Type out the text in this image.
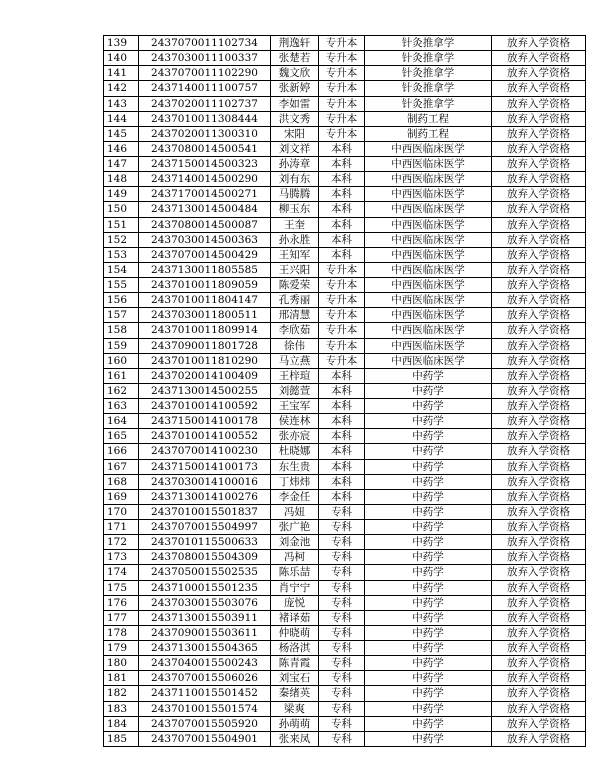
139	2437070011102734	荆逸轩	专升本	针灸推拿学	放弃入学资格
140	2437030011100337	张楚若	专升本	针灸推拿学	放弃入学资格
141	2437070011102290	魏文欣	专升本	针灸推拿学	放弃入学资格
142	2437140011100757	张新婷	专升本	针灸推拿学	放弃入学资格
143	2437020011102737	李如雷	专升本	针灸推拿学	放弃入学资格
144	2437010011308444	洪文秀	专升本	制药工程	放弃入学资格
145	2437020011300310	宋阳	专升本	制药工程	放弃入学资格
146	2437080014500541	刘文祥	本科	中西医临床医学	放弃入学资格
147	2437150014500323	孙涛章	本科	中西医临床医学	放弃入学资格
148	2437140014500290	刘有东	本科	中西医临床医学	放弃入学资格
149	2437170014500271	马腾腾	本科	中西医临床医学	放弃入学资格
150	2437130014500484	柳玉东	本科	中西医临床医学	放弃入学资格
151	2437080014500087	王奎	本科	中西医临床医学	放弃入学资格
152	2437030014500363	孙永胜	本科	中西医临床医学	放弃入学资格
153	2437070014500429	王知军	本科	中西医临床医学	放弃入学资格
154	2437130011805585	王兴阳	专升本	中西医临床医学	放弃入学资格
155	2437010011809059	陈爱荣	专升本	中西医临床医学	放弃入学资格
156	2437010011804147	孔秀丽	专升本	中西医临床医学	放弃入学资格
157	2437030011800511	邢清慧	专升本	中西医临床医学	放弃入学资格
158	2437010011809914	李欣茹	专升本	中西医临床医学	放弃入学资格
159	2437090011801728	徐伟	专升本	中西医临床医学	放弃入学资格
160	2437010011810290	马立燕	专升本	中西医临床医学	放弃入学资格
161	2437020014100409	王梓瑄	本科	中药学	放弃入学资格
162	2437130014500255	刘懿萱	本科	中药学	放弃入学资格
163	2437010014100592	王宝军	本科	中药学	放弃入学资格
164	2437150014100178	侯连林	本科	中药学	放弃入学资格
165	2437010014100552	张亦宸	本科	中药学	放弃入学资格
166	2437070014100230	杜晓娜	本科	中药学	放弃入学资格
167	2437150014100173	东生贵	本科	中药学	放弃入学资格
168	2437030014100016	丁炜炜	本科	中药学	放弃入学资格
169	2437130014100276	李金任	本科	中药学	放弃入学资格
170	2437010015501837	冯妞	专科	中药学	放弃入学资格
171	2437070015504997	张广艳	专科	中药学	放弃入学资格
172	2437010115500633	刘金池	专科	中药学	放弃入学资格
173	2437080015504309	冯柯	专科	中药学	放弃入学资格
174	2437050015502535	陈乐喆	专科	中药学	放弃入学资格
175	2437100015501235	肖宁宁	专科	中药学	放弃入学资格
176	2437030015503076	庞悦	专科	中药学	放弃入学资格
177	2437130015503911	褚译茹	专科	中药学	放弃入学资格
178	2437090015503611	仲晓萌	专科	中药学	放弃入学资格
179	2437130015504365	杨洛淇	专科	中药学	放弃入学资格
180	2437040015500243	陈青霞	专科	中药学	放弃入学资格
181	2437070015506026	刘宝石	专科	中药学	放弃入学资格
182	2437110015501452	秦绪英	专科	中药学	放弃入学资格
183	2437010015501574	梁爽	专科	中药学	放弃入学资格
184	2437070015505920	孙萌萌	专科	中药学	放弃入学资格
185	2437070015504901	张来凤	专科	中药学	放弃入学资格
